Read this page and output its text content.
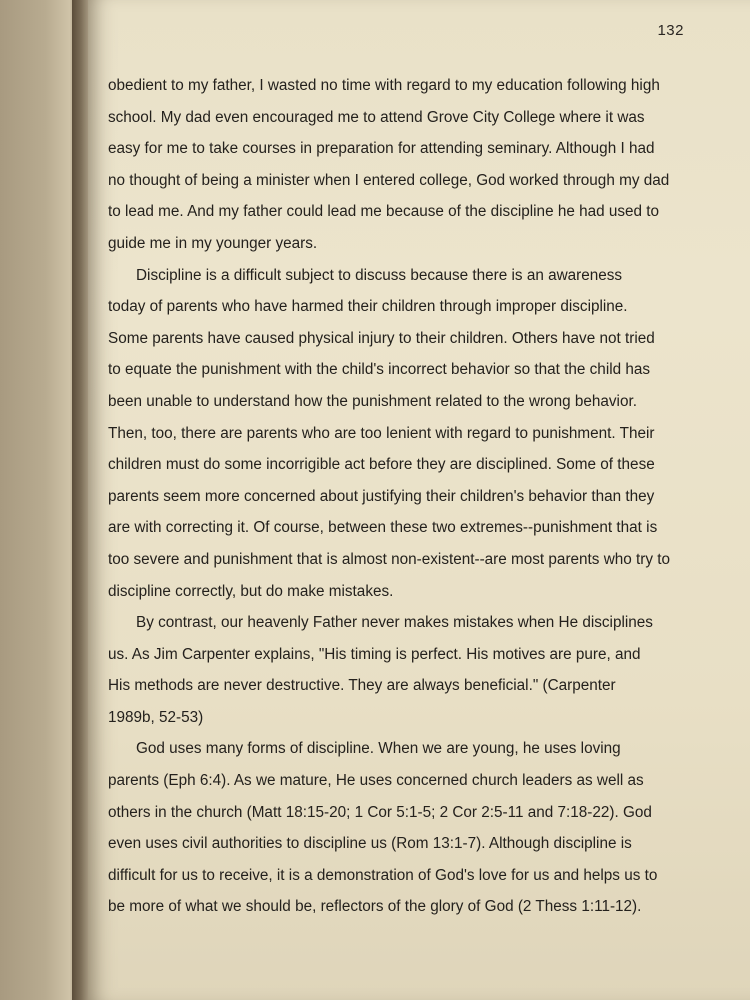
132
obedient to my father, I wasted no time with regard to my education following high
school. My dad even encouraged me to attend Grove City College where it was
easy for me to take courses in preparation for attending seminary. Although I had
no thought of being a minister when I entered college, God worked through my dad
to lead me. And my father could lead me because of the discipline he had used to
guide me in my younger years.
Discipline is a difficult subject to discuss because there is an awareness
today of parents who have harmed their children through improper discipline.
Some parents have caused physical injury to their children. Others have not tried
to equate the punishment with the child's incorrect behavior so that the child has
been unable to understand how the punishment related to the wrong behavior.
Then, too, there are parents who are too lenient with regard to punishment. Their
children must do some incorrigible act before they are disciplined. Some of these
parents seem more concerned about justifying their children's behavior than they
are with correcting it. Of course, between these two extremes--punishment that is
too severe and punishment that is almost non-existent--are most parents who try to
discipline correctly, but do make mistakes.
By contrast, our heavenly Father never makes mistakes when He disciplines
us. As Jim Carpenter explains, "His timing is perfect. His motives are pure, and
His methods are never destructive. They are always beneficial." (Carpenter
1989b, 52-53)
God uses many forms of discipline. When we are young, he uses loving
parents (Eph 6:4). As we mature, He uses concerned church leaders as well as
others in the church (Matt 18:15-20; 1 Cor 5:1-5; 2 Cor 2:5-11 and 7:18-22). God
even uses civil authorities to discipline us (Rom 13:1-7). Although discipline is
difficult for us to receive, it is a demonstration of God's love for us and helps us to
be more of what we should be, reflectors of the glory of God (2 Thess 1:11-12).
